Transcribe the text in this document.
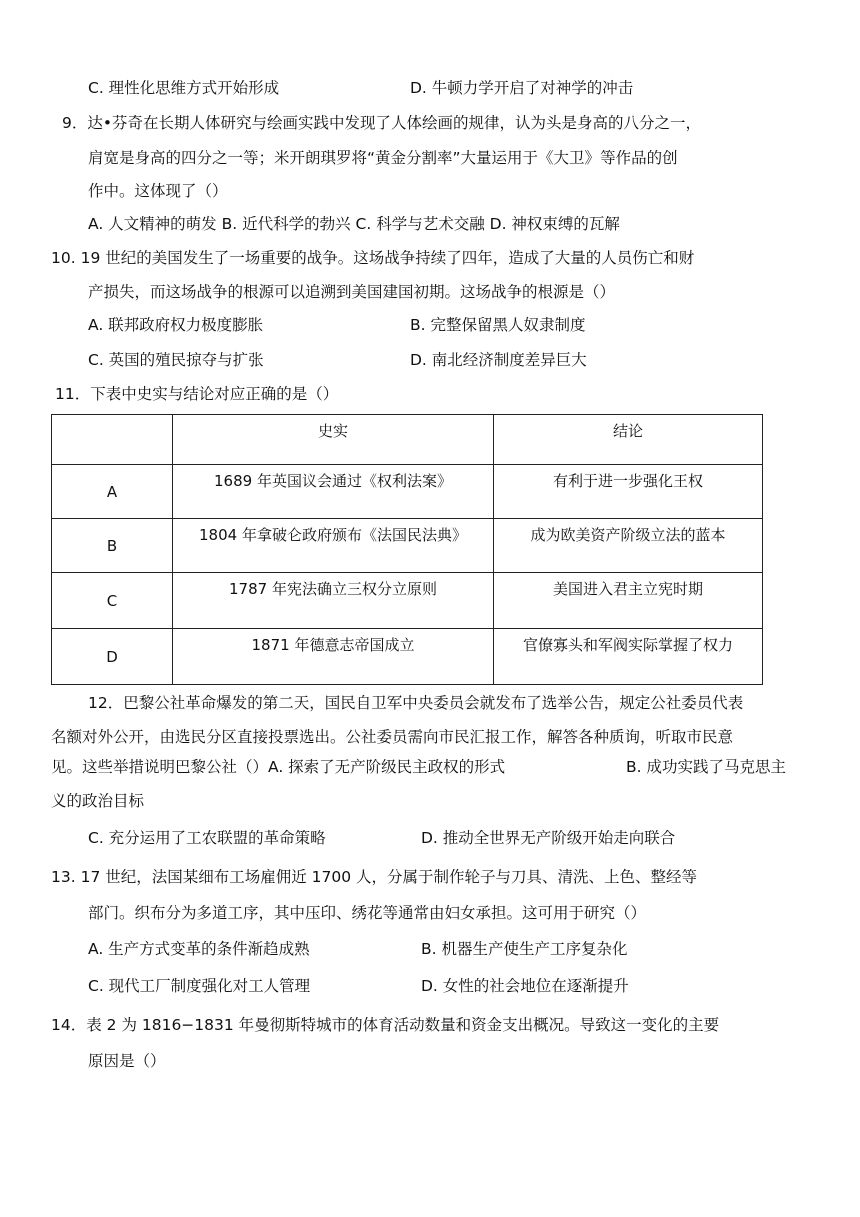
C. 理性化思维方式开始形成	D. 牛顿力学开启了对神学的冲击
9．达•芬奇在长期人体研究与绘画实践中发现了人体绘画的规律，认为头是身高的八分之一，
肩宽是身高的四分之一等；米开朗琪罗将“黄金分割率”大量运用于《大卫》等作品的创
作中。这体现了（）
A. 人文精神的萌发 B. 近代科学的勃兴 C. 科学与艺术交融 D. 神权束缚的瓦解
10. 19 世纪的美国发生了一场重要的战争。这场战争持续了四年，造成了大量的人员伤亡和财
产损失，而这场战争的根源可以追溯到美国建国初期。这场战争的根源是（）
A. 联邦政府权力极度膨胀	B. 完整保留黑人奴隶制度
C. 英国的殖民掠夺与扩张	D. 南北经济制度差异巨大
11．下表中史实与结论对应正确的是（）

	史实	结论

A	1689 年英国议会通过《权利法案》	有利于进一步强化王权

B	1804 年拿破仑政府颁布《法国民法典》	成为欧美资产阶级立法的蓝本

C	1787 年宪法确立三权分立原则	美国进入君主立宪时期

D	1871 年德意志帝国成立	官僚寡头和军阀实际掌握了权力
12．巴黎公社革命爆发的第二天，国民自卫军中央委员会就发布了选举公告，规定公社委员代表
名额对外公开，由选民分区直接投票选出。公社委员需向市民汇报工作，解答各种质询，听取市民意
见。这些举措说明巴黎公社（）A. 探索了无产阶级民主政权的形式	B. 成功实践了马克思主
义的政治目标
C. 充分运用了工农联盟的革命策略	D. 推动全世界无产阶级开始走向联合
13. 17 世纪，法国某细布工场雇佣近 1700 人，分属于制作轮子与刀具、清洗、上色、整经等
部门。织布分为多道工序，其中压印、绣花等通常由妇女承担。这可用于研究（）
A. 生产方式变革的条件渐趋成熟	B. 机器生产使生产工序复杂化
C. 现代工厂制度强化对工人管理	D. 女性的社会地位在逐渐提升
14．表 2 为 1816−1831 年曼彻斯特城市的体育活动数量和资金支出概况。导致这一变化的主要
原因是（）
